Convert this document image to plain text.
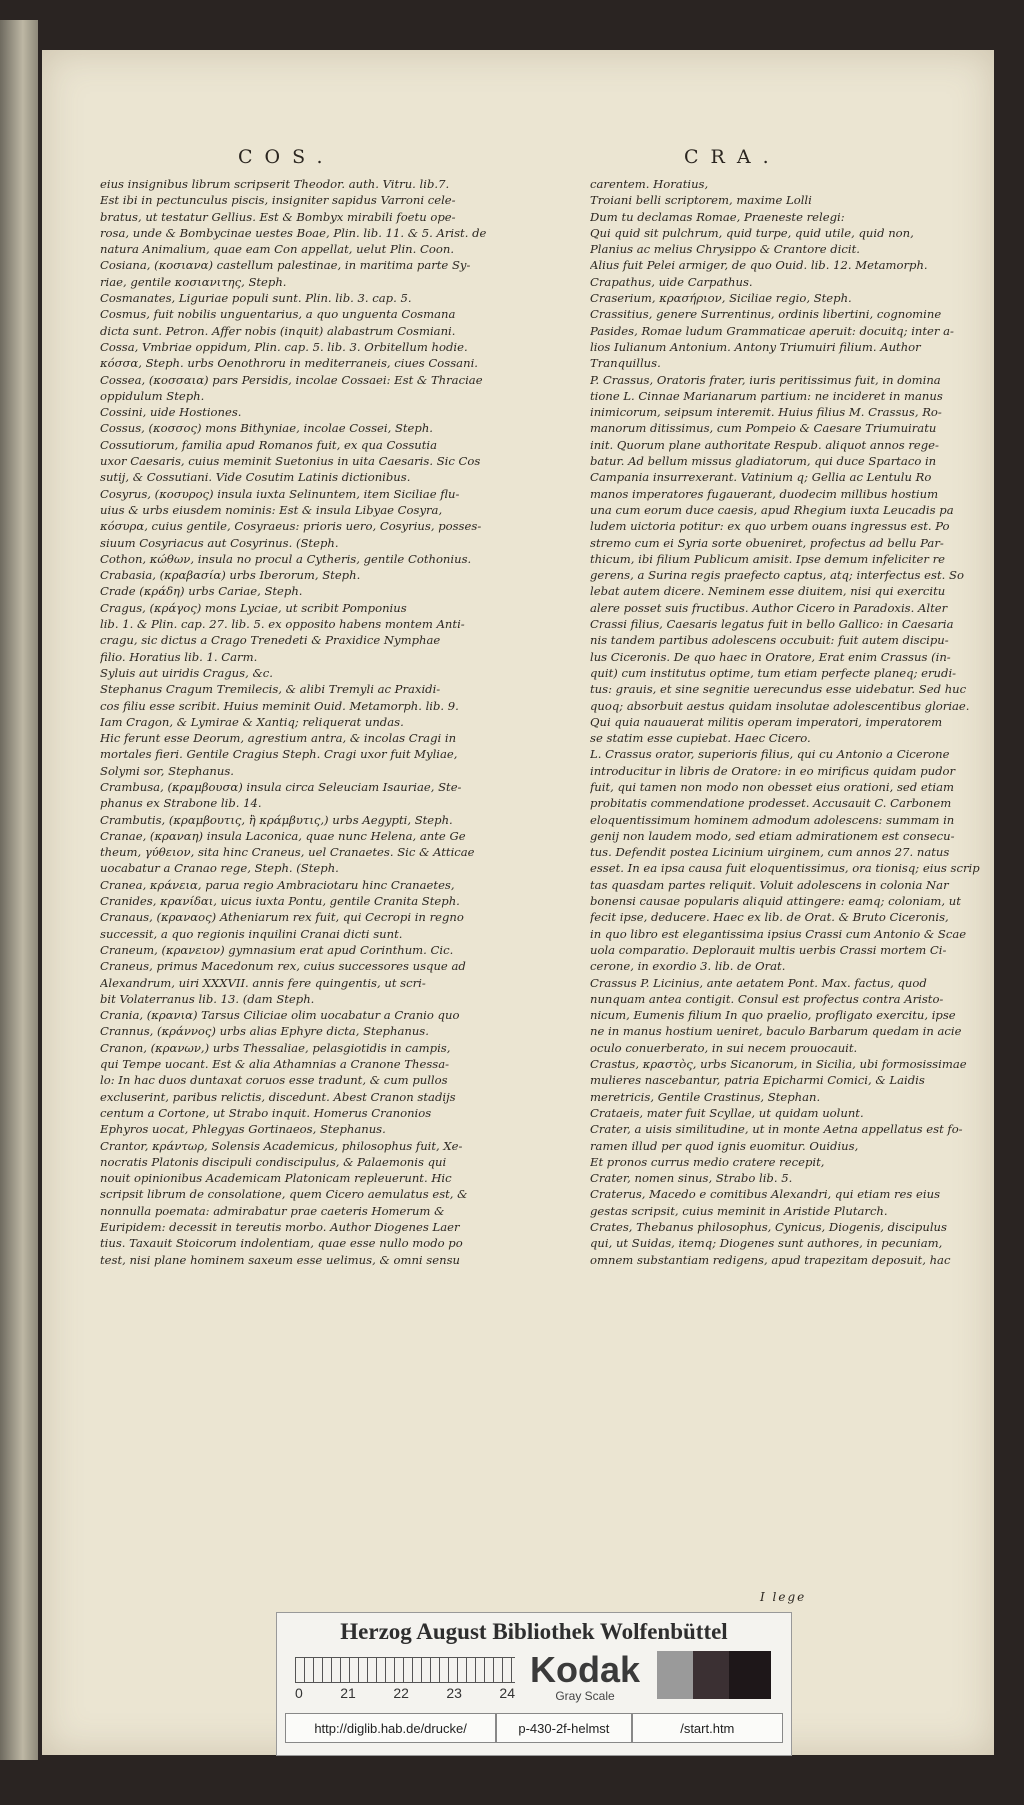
COS.	CRA.
eius insignibus librum scripserit Theodor. auth. Vitru. lib.7.
Est ibi in pectunculus piscis, insigniter sapidus Varroni cele-
bratus, ut testatur Gellius. Est & Bombyx mirabili foetu ope-
rosa, unde & Bombycinae uestes Boae, Plin. lib. 11. & 5. Arist. de
natura Animalium, quae eam Con appellat, uelut Plin. Coon.
Cosiana, (κοσιανα) castellum palestinae, in maritima parte Sy-
riae, gentile κοσιανιτης, Steph.
Cosmanates, Liguriae populi sunt. Plin. lib. 3. cap. 5.
Cosmus, fuit nobilis unguentarius, a quo unguenta Cosmana
dicta sunt. Petron. Affer nobis (inquit) alabastrum Cosmiani.
Cossa, Vmbriae oppidum, Plin. cap. 5. lib. 3. Orbitellum hodie.
κόσσα, Steph. urbs Oenothroru in mediterraneis, ciues Cossani.
Cossea, (κοσσαια) pars Persidis, incolae Cossaei: Est & Thraciae
oppidulum Steph.
Cossini, uide Hostiones.
Cossus, (κοσσος) mons Bithyniae, incolae Cossei, Steph.
Cossutiorum, familia apud Romanos fuit, ex qua Cossutia
uxor Caesaris, cuius meminit Suetonius in uita Caesaris. Sic Cos
sutij, & Cossutiani. Vide Cosutim Latinis dictionibus.
Cosyrus, (κοσυρος) insula iuxta Selinuntem, item Siciliae flu-
uius & urbs eiusdem nominis: Est & insula Libyae Cosyra,
κόσυρα, cuius gentile, Cosyraeus: prioris uero, Cosyrius, posses-
siuum Cosyriacus aut Cosyrinus. (Steph.
Cothon, κώθων, insula no procul a Cytheris, gentile Cothonius.
Crabasia, (κραβασία) urbs Iberorum, Steph.
Crade (κράδη) urbs Cariae, Steph.
Cragus, (κράγος) mons Lyciae, ut scribit Pomponius
lib. 1. & Plin. cap. 27. lib. 5. ex opposito habens montem Anti-
cragu, sic dictus a Crago Trenedeti & Praxidice Nymphae
filio. Horatius lib. 1. Carm.
Syluis aut uiridis Cragus, &c.
Stephanus Cragum Tremilecis, & alibi Tremyli ac Praxidi-
cos filiu esse scribit. Huius meminit Ouid. Metamorph. lib. 9.
Iam Cragon, & Lymirae & Xantiq; reliquerat undas.
Hic ferunt esse Deorum, agrestium antra, & incolas Cragi in
mortales fieri. Gentile Cragius Steph. Cragi uxor fuit Myliae,
Solymi sor, Stephanus.
Crambusa, (κραμβουσα) insula circa Seleuciam Isauriae, Ste-
phanus ex Strabone lib. 14.
Crambutis, (κραμβουτις, ἢ κράμβυτις,) urbs Aegypti, Steph.
Cranae, (κραναη) insula Laconica, quae nunc Helena, ante Ge
theum, γύθειον, sita hinc Craneus, uel Cranaetes. Sic & Atticae
uocabatur a Cranao rege, Steph. (Steph.
Cranea, κράνεια, parua regio Ambraciotaru hinc Cranaetes,
Cranides, κρανίδαι, uicus iuxta Pontu, gentile Cranita Steph.
Cranaus, (κραναος) Atheniarum rex fuit, qui Cecropi in regno
successit, a quo regionis inquilini Cranai dicti sunt.
Craneum, (κρανειον) gymnasium erat apud Corinthum. Cic.
Craneus, primus Macedonum rex, cuius successores usque ad
Alexandrum, uiri XXXVII. annis fere quingentis, ut scri-
bit Volaterranus lib. 13. (dam Steph.
Crania, (κρανια) Tarsus Ciliciae olim uocabatur a Cranio quo
Crannus, (κράννος) urbs alias Ephyre dicta, Stephanus.
Cranon, (κρανων,) urbs Thessaliae, pelasgiotidis in campis,
qui Tempe uocant. Est & alia Athamnias a Cranone Thessa-
lo: In hac duos duntaxat coruos esse tradunt, & cum pullos
excluserint, paribus relictis, discedunt. Abest Cranon stadijs
centum a Cortone, ut Strabo inquit. Homerus Cranonios
Ephyros uocat, Phlegyas Gortinaeos, Stephanus.
Crantor, κράντωρ, Solensis Academicus, philosophus fuit, Xe-
nocratis Platonis discipuli condiscipulus, & Palaemonis qui
nouit opinionibus Academicam Platonicam repleuerunt. Hic
scripsit librum de consolatione, quem Cicero aemulatus est, &
nonnulla poemata: admirabatur prae caeteris Homerum &
Euripidem: decessit in tereutis morbo. Author Diogenes Laer
tius. Taxauit Stoicorum indolentiam, quae esse nullo modo po
test, nisi plane hominem saxeum esse uelimus, & omni sensu
carentem. Horatius,
Troiani belli scriptorem, maxime Lolli
Dum tu declamas Romae, Praeneste relegi:
Qui quid sit pulchrum, quid turpe, quid utile, quid non,
Planius ac melius Chrysippo & Crantore dicit.
Alius fuit Pelei armiger, de quo Ouid. lib. 12. Metamorph.
Crapathus, uide Carpathus.
Craserium, κρασήριον, Siciliae regio, Steph.
Crassitius, genere Surrentinus, ordinis libertini, cognomine
Pasides, Romae ludum Grammaticae aperuit: docuitq; inter a-
lios Iulianum Antonium. Antony Triumuiri filium. Author
Tranquillus.
P. Crassus, Oratoris frater, iuris peritissimus fuit, in domina
tione L. Cinnae Marianarum partium: ne incideret in manus
inimicorum, seipsum interemit. Huius filius M. Crassus, Ro-
manorum ditissimus, cum Pompeio & Caesare Triumuiratu
init. Quorum plane authoritate Respub. aliquot annos rege-
batur. Ad bellum missus gladiatorum, qui duce Spartaco in
Campania insurrexerant. Vatinium q; Gellia ac Lentulu Ro
manos imperatores fugauerant, duodecim millibus hostium
una cum eorum duce caesis, apud Rhegium iuxta Leucadis pa
ludem uictoria potitur: ex quo urbem ouans ingressus est. Po
stremo cum ei Syria sorte obueniret, profectus ad bellu Par-
thicum, ibi filium Publicum amisit. Ipse demum infeliciter re
gerens, a Surina regis praefecto captus, atq; interfectus est. So
lebat autem dicere. Neminem esse diuitem, nisi qui exercitu
alere posset suis fructibus. Author Cicero in Paradoxis. Alter
Crassi filius, Caesaris legatus fuit in bello Gallico: in Caesaria
nis tandem partibus adolescens occubuit: fuit autem discipu-
lus Ciceronis. De quo haec in Oratore, Erat enim Crassus (in-
quit) cum institutus optime, tum etiam perfecte planeq; erudi-
tus: grauis, et sine segnitie uerecundus esse uidebatur. Sed huc
quoq; absorbuit aestus quidam insolutae adolescentibus gloriae.
Qui quia nauauerat militis operam imperatori, imperatorem
se statim esse cupiebat. Haec Cicero.
L. Crassus orator, superioris filius, qui cu Antonio a Cicerone
introducitur in libris de Oratore: in eo mirificus quidam pudor
fuit, qui tamen non modo non obesset eius orationi, sed etiam
probitatis commendatione prodesset. Accusauit C. Carbonem
eloquentissimum hominem admodum adolescens: summam in
genij non laudem modo, sed etiam admirationem est consecu-
tus. Defendit postea Licinium uirginem, cum annos 27. natus
esset. In ea ipsa causa fuit eloquentissimus, ora tionisq; eius scrip
tas quasdam partes reliquit. Voluit adolescens in colonia Nar
bonensi causae popularis aliquid attingere: eamq; coloniam, ut
fecit ipse, deducere. Haec ex lib. de Orat. & Bruto Ciceronis,
in quo libro est elegantissima ipsius Crassi cum Antonio & Scae
uola comparatio. Deplorauit multis uerbis Crassi mortem Ci-
cerone, in exordio 3. lib. de Orat.
Crassus P. Licinius, ante aetatem Pont. Max. factus, quod
nunquam antea contigit. Consul est profectus contra Aristo-
nicum, Eumenis filium In quo praelio, profligato exercitu, ipse
ne in manus hostium ueniret, baculo Barbarum quedam in acie
oculo conuerberato, in sui necem prouocauit.
Crastus, κραστὸς, urbs Sicanorum, in Sicilia, ubi formosissimae
mulieres nascebantur, patria Epicharmi Comici, & Laidis
meretricis, Gentile Crastinus, Stephan.
Crataeis, mater fuit Scyllae, ut quidam uolunt.
Crater, a uisis similitudine, ut in monte Aetna appellatus est fo-
ramen illud per quod ignis euomitur. Ouidius,
Et pronos currus medio cratere recepit,
Crater, nomen sinus, Strabo lib. 5.
Craterus, Macedo e comitibus Alexandri, qui etiam res eius
gestas scripsit, cuius meminit in Aristide Plutarch.
Crates, Thebanus philosophus, Cynicus, Diogenis, discipulus
qui, ut Suidas, itemq; Diogenes sunt authores, in pecuniam,
omnem substantiam redigens, apud trapezitam deposuit, hac
I lege
Herzog August Bibliothek Wolfenbüttel
0	21	22	23	24
Kodak
Gray Scale
http://diglib.hab.de/drucke/	p-430-2f-helmst	/start.htm
